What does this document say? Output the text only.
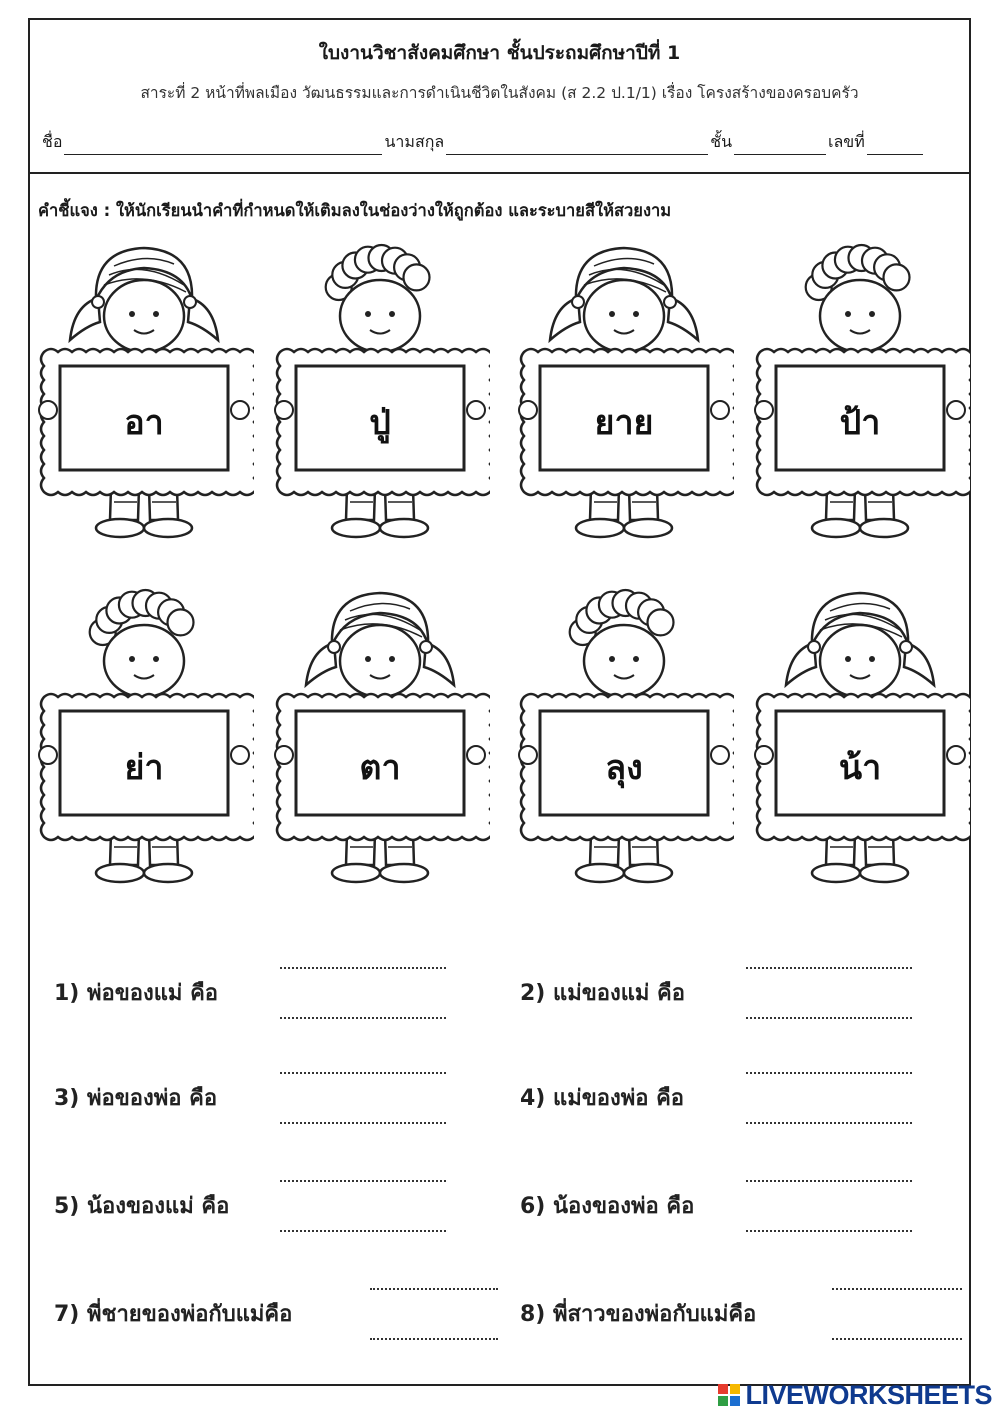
ใบงานวิชาสังคมศึกษา ชั้นประถมศึกษาปีที่ 1
สาระที่ 2 หน้าที่พลเมือง วัฒนธรรมและการดำเนินชีวิตในสังคม (ส 2.2 ป.1/1) เรื่อง โครงสร้างของครอบครัว
ชื่อ	นามสกุล	ชั้น	เลขที่
คำชี้แจง : ให้นักเรียนนำคำที่กำหนดให้เติมลงในช่องว่างให้ถูกต้อง และระบายสีให้สวยงาม
อา	ปู่	ยาย	ป้า
ย่า	ตา	ลุง	น้า
1) พ่อของแม่ คือ	2) แม่ของแม่ คือ
3) พ่อของพ่อ คือ	4) แม่ของพ่อ คือ
5) น้องของแม่ คือ	6) น้องของพ่อ คือ
7) พี่ชายของพ่อกับแม่คือ	8) พี่สาวของพ่อกับแม่คือ
LIVEWORKSHEETS
